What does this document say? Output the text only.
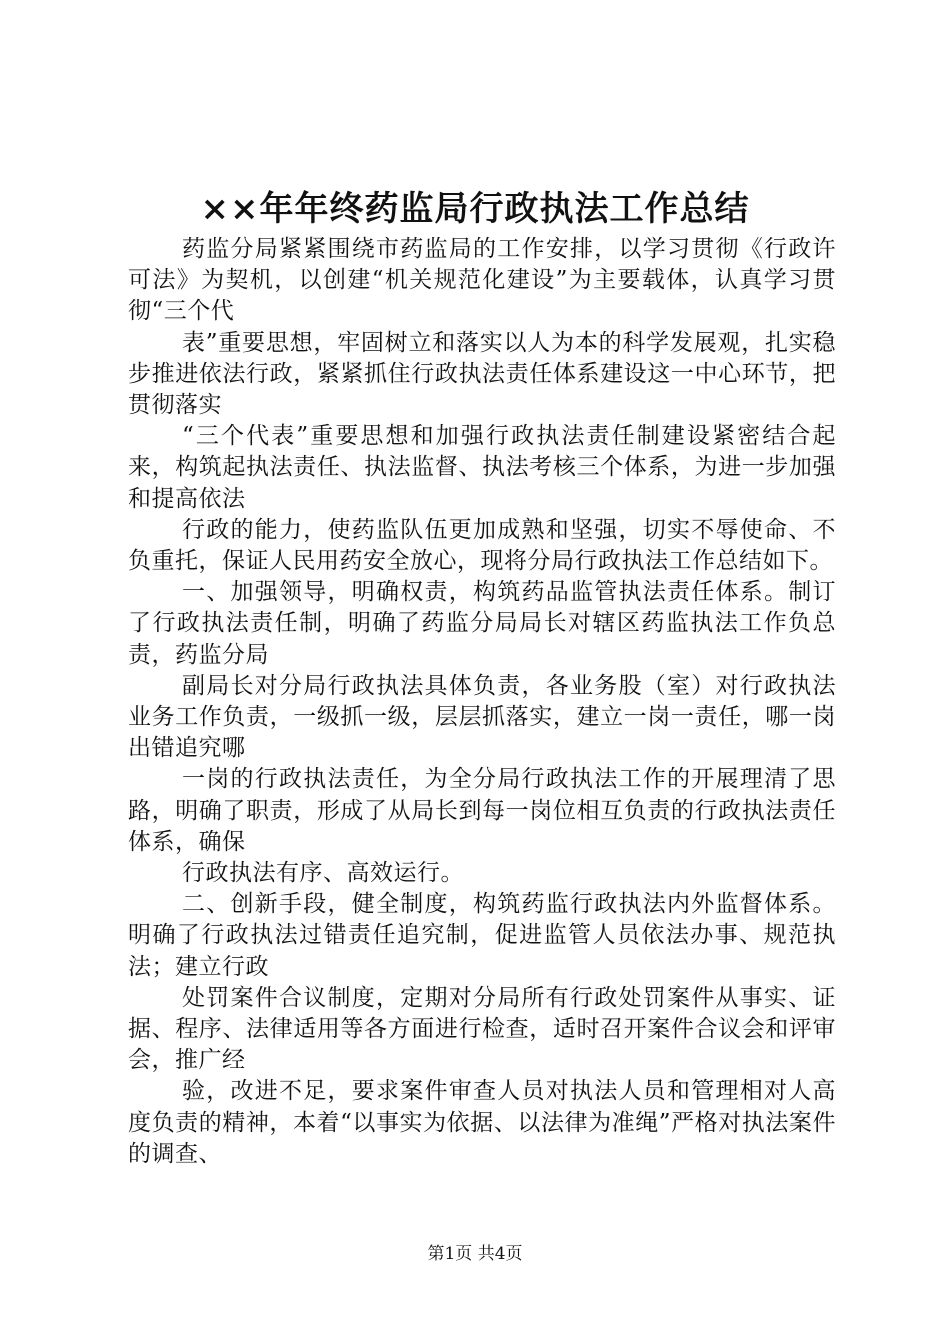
××年年终药监局行政执法工作总结

药监分局紧紧围绕市药监局的工作安排，以学习贯彻《行政许可法》为契机，以创建“机关规范化建设”为主要载体，认真学习贯彻“三个代

表”重要思想，牢固树立和落实以人为本的科学发展观，扎实稳步推进依法行政，紧紧抓住行政执法责任体系建设这一中心环节，把贯彻落实

“三个代表”重要思想和加强行政执法责任制建设紧密结合起来，构筑起执法责任、执法监督、执法考核三个体系，为进一步加强和提高依法

行政的能力，使药监队伍更加成熟和坚强，切实不辱使命、不负重托，保证人民用药安全放心，现将分局行政执法工作总结如下。

一、加强领导，明确权责，构筑药品监管执法责任体系。制订了行政执法责任制，明确了药监分局局长对辖区药监执法工作负总责，药监分局

副局长对分局行政执法具体负责，各业务股（室）对行政执法业务工作负责，一级抓一级，层层抓落实，建立一岗一责任，哪一岗出错追究哪

一岗的行政执法责任，为全分局行政执法工作的开展理清了思路，明确了职责，形成了从局长到每一岗位相互负责的行政执法责任体系，确保

行政执法有序、高效运行。

二、创新手段，健全制度，构筑药监行政执法内外监督体系。明确了行政执法过错责任追究制，促进监管人员依法办事、规范执法；建立行政

处罚案件合议制度，定期对分局所有行政处罚案件从事实、证据、程序、法律适用等各方面进行检查，适时召开案件合议会和评审会，推广经

验，改进不足，要求案件审查人员对执法人员和管理相对人高度负责的精神，本着“以事实为依据、以法律为准绳”严格对执法案件的调查、

第1页 共4页
